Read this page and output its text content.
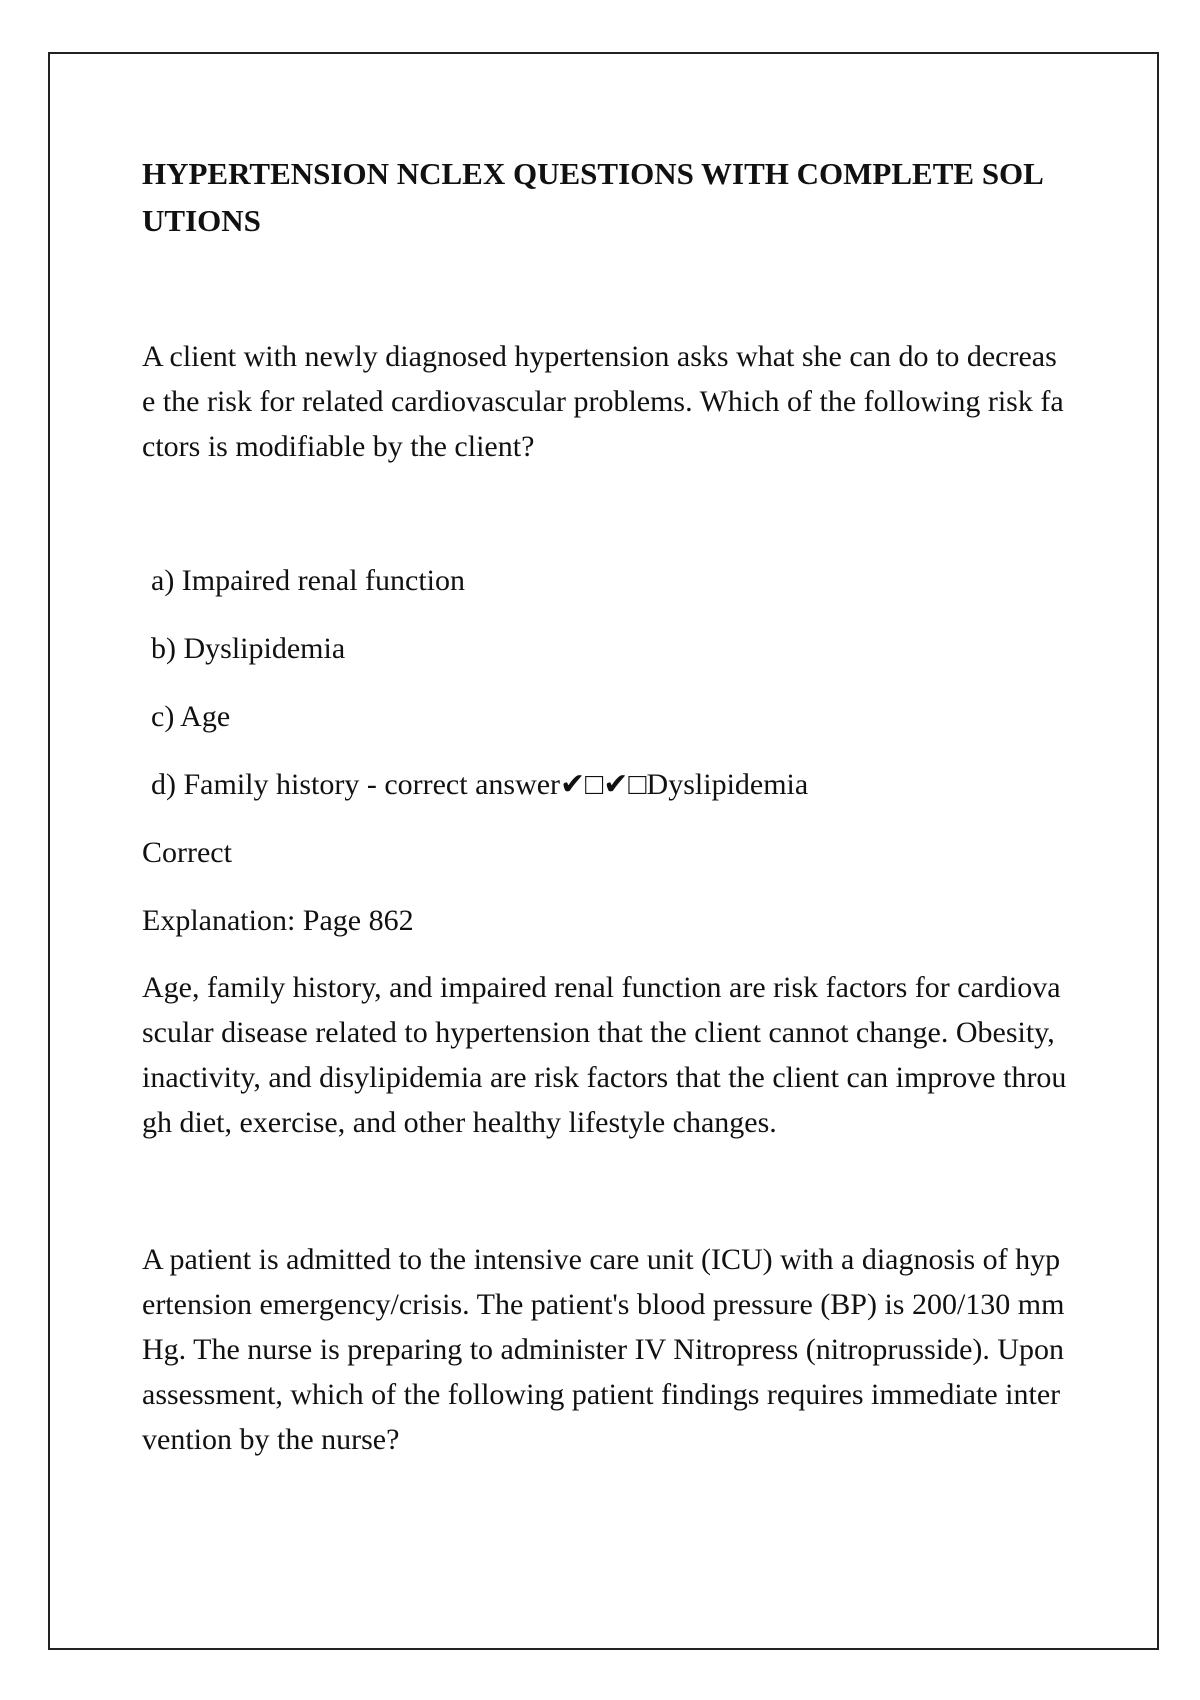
HYPERTENSION NCLEX QUESTIONS WITH COMPLETE SOLUTIONS

A client with newly diagnosed hypertension asks what she can do to decrease the risk for related cardiovascular problems. Which of the following risk factors is modifiable by the client?

a) Impaired renal function

b) Dyslipidemia

c) Age

d) Family history - correct answer✔□✔□Dyslipidemia

Correct

Explanation: Page 862

Age, family history, and impaired renal function are risk factors for cardiovascular disease related to hypertension that the client cannot change. Obesity, inactivity, and disylipidemia are risk factors that the client can improve through diet, exercise, and other healthy lifestyle changes.

A patient is admitted to the intensive care unit (ICU) with a diagnosis of hypertension emergency/crisis. The patient's blood pressure (BP) is 200/130 mm Hg. The nurse is preparing to administer IV Nitropress (nitroprusside). Upon assessment, which of the following patient findings requires immediate intervention by the nurse?
